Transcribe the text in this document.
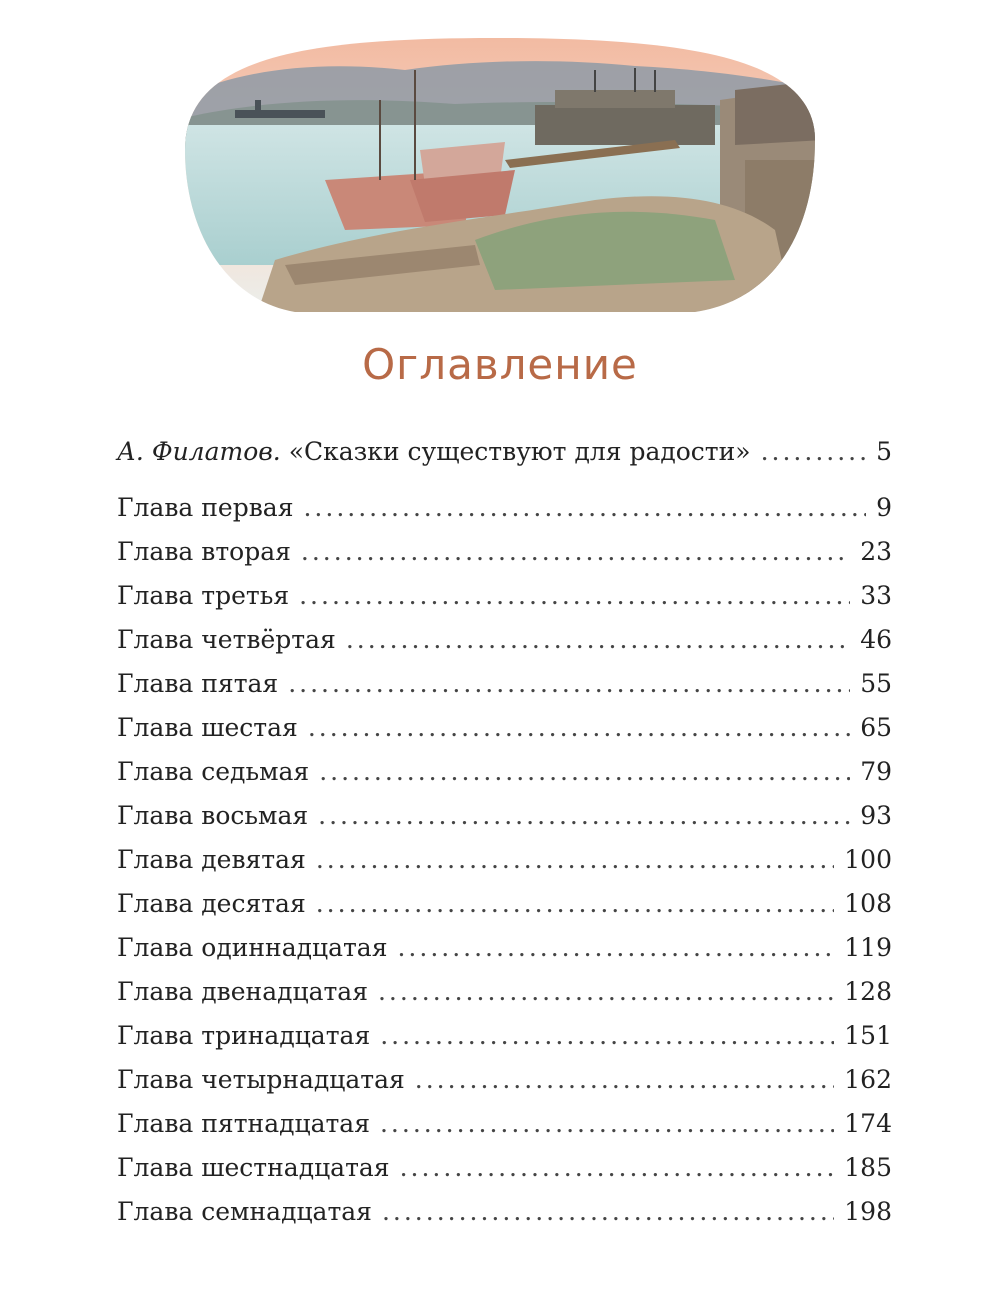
Оглавление
А. Филатов. «Сказки существуют для радости» .....	5
Глава первая .....	9
Глава вторая .....	23
Глава третья .....	33
Глава четвёртая .....	46
Глава пятая .....	55
Глава шестая .....	65
Глава седьмая .....	79
Глава восьмая .....	93
Глава девятая .....	100
Глава десятая .....	108
Глава одиннадцатая .....	119
Глава двенадцатая .....	128
Глава тринадцатая .....	151
Глава четырнадцатая .....	162
Глава пятнадцатая .....	174
Глава шестнадцатая .....	185
Глава семнадцатая .....	198
